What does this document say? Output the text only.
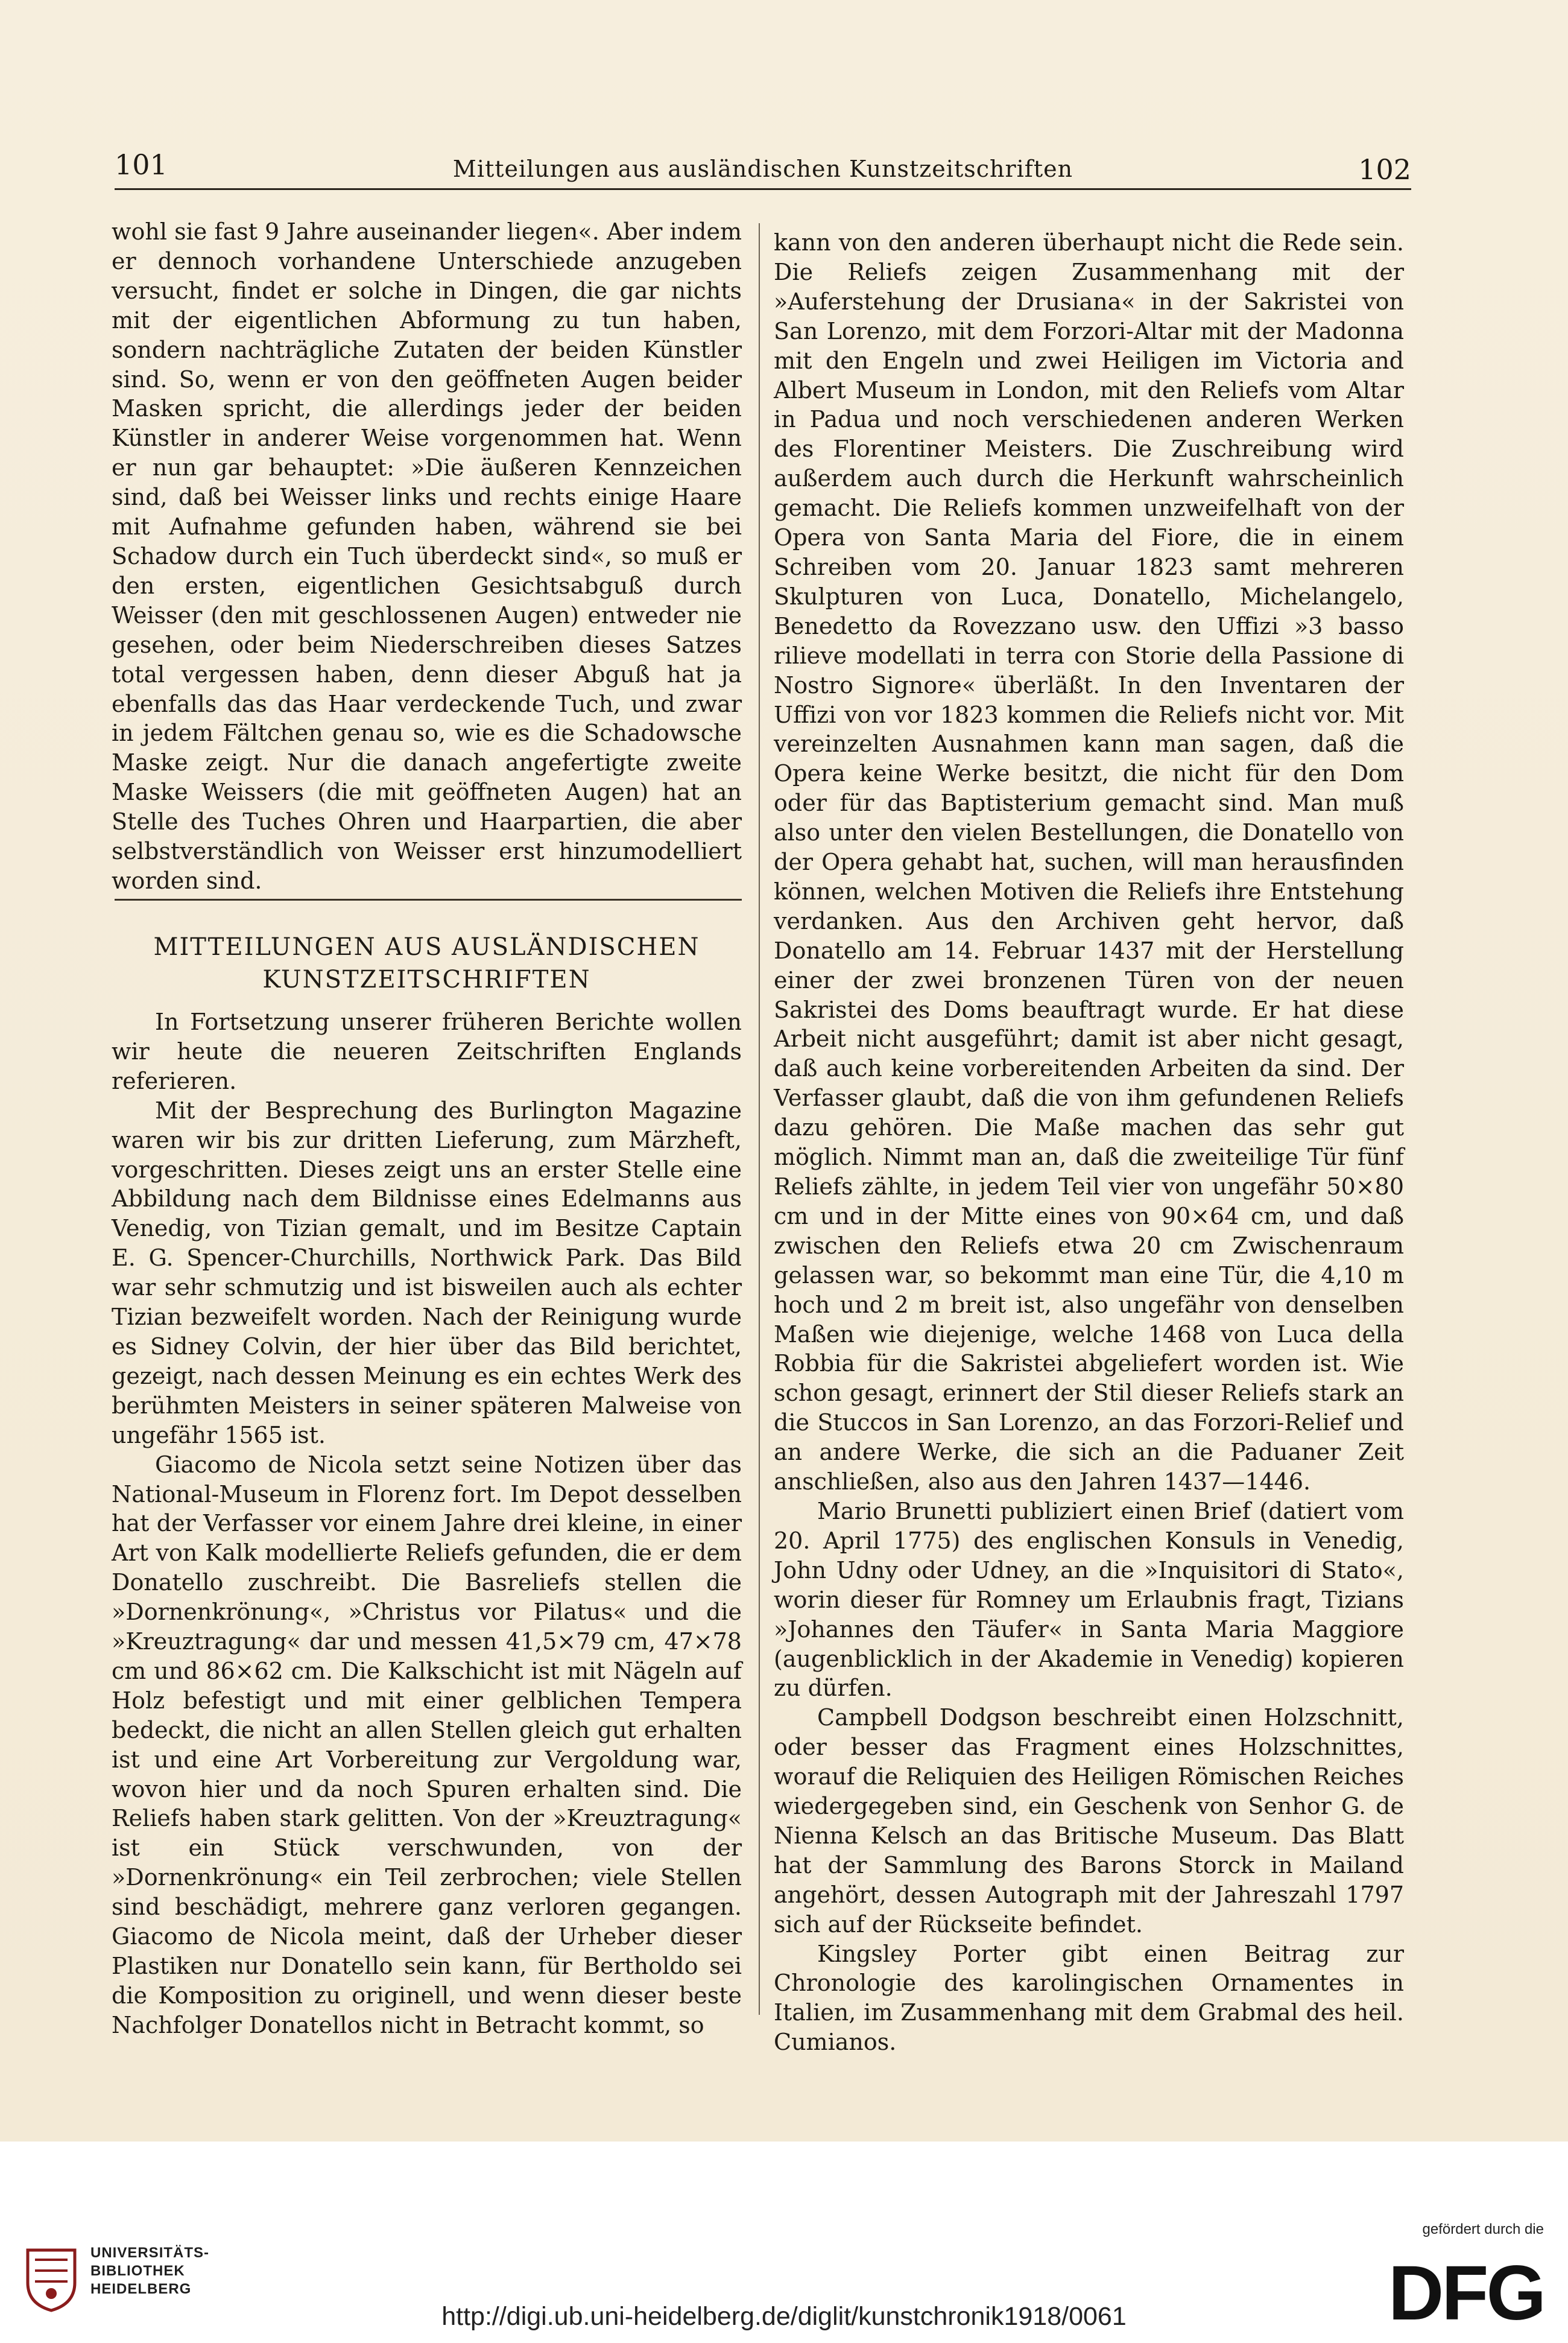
101	Mitteilungen aus ausländischen Kunstzeitschriften	102

wohl sie fast 9 Jahre auseinander liegen«. Aber indem er dennoch vorhandene Unterschiede anzugeben versucht, findet er solche in Dingen, die gar nichts mit der eigentlichen Abformung zu tun haben, sondern nachträgliche Zutaten der beiden Künstler sind. So, wenn er von den geöffneten Augen beider Masken spricht, die allerdings jeder der beiden Künstler in anderer Weise vorgenommen hat. Wenn er nun gar behauptet: »Die äußeren Kennzeichen sind, daß bei Weisser links und rechts einige Haare mit Aufnahme gefunden haben, während sie bei Schadow durch ein Tuch überdeckt sind«, so muß er den ersten, eigentlichen Gesichtsabguß durch Weisser (den mit geschlossenen Augen) entweder nie gesehen, oder beim Niederschreiben dieses Satzes total vergessen haben, denn dieser Abguß hat ja ebenfalls das das Haar verdeckende Tuch, und zwar in jedem Fältchen genau so, wie es die Schadowsche Maske zeigt. Nur die danach angefertigte zweite Maske Weissers (die mit geöffneten Augen) hat an Stelle des Tuches Ohren und Haarpartien, die aber selbstverständlich von Weisser erst hinzumodelliert worden sind.

MITTEILUNGEN AUS AUSLÄNDISCHEN KUNSTZEITSCHRIFTEN

In Fortsetzung unserer früheren Berichte wollen wir heute die neueren Zeitschriften Englands referieren.

Mit der Besprechung des Burlington Magazine waren wir bis zur dritten Lieferung, zum Märzheft, vorgeschritten. Dieses zeigt uns an erster Stelle eine Abbildung nach dem Bildnisse eines Edelmanns aus Venedig, von Tizian gemalt, und im Besitze Captain E. G. Spencer-Churchills, Northwick Park. Das Bild war sehr schmutzig und ist bisweilen auch als echter Tizian bezweifelt worden. Nach der Reinigung wurde es Sidney Colvin, der hier über das Bild berichtet, gezeigt, nach dessen Meinung es ein echtes Werk des berühmten Meisters in seiner späteren Malweise von ungefähr 1565 ist.

Giacomo de Nicola setzt seine Notizen über das National-Museum in Florenz fort. Im Depot desselben hat der Verfasser vor einem Jahre drei kleine, in einer Art von Kalk modellierte Reliefs gefunden, die er dem Donatello zuschreibt. Die Basreliefs stellen die »Dornenkrönung«, »Christus vor Pilatus« und die »Kreuztragung« dar und messen 41,5×79 cm, 47×78 cm und 86×62 cm. Die Kalkschicht ist mit Nägeln auf Holz befestigt und mit einer gelblichen Tempera bedeckt, die nicht an allen Stellen gleich gut erhalten ist und eine Art Vorbereitung zur Vergoldung war, wovon hier und da noch Spuren erhalten sind. Die Reliefs haben stark gelitten. Von der »Kreuztragung« ist ein Stück verschwunden, von der »Dornenkrönung« ein Teil zerbrochen; viele Stellen sind beschädigt, mehrere ganz verloren gegangen. Giacomo de Nicola meint, daß der Urheber dieser Plastiken nur Donatello sein kann, für Bertholdo sei die Komposition zu originell, und wenn dieser beste Nachfolger Donatellos nicht in Betracht kommt, so

kann von den anderen überhaupt nicht die Rede sein. Die Reliefs zeigen Zusammenhang mit der »Auferstehung der Drusiana« in der Sakristei von San Lorenzo, mit dem Forzori-Altar mit der Madonna mit den Engeln und zwei Heiligen im Victoria and Albert Museum in London, mit den Reliefs vom Altar in Padua und noch verschiedenen anderen Werken des Florentiner Meisters. Die Zuschreibung wird außerdem auch durch die Herkunft wahrscheinlich gemacht. Die Reliefs kommen unzweifelhaft von der Opera von Santa Maria del Fiore, die in einem Schreiben vom 20. Januar 1823 samt mehreren Skulpturen von Luca, Donatello, Michelangelo, Benedetto da Rovezzano usw. den Uffizi »3 basso rilieve modellati in terra con Storie della Passione di Nostro Signore« überläßt. In den Inventaren der Uffizi von vor 1823 kommen die Reliefs nicht vor. Mit vereinzelten Ausnahmen kann man sagen, daß die Opera keine Werke besitzt, die nicht für den Dom oder für das Baptisterium gemacht sind. Man muß also unter den vielen Bestellungen, die Donatello von der Opera gehabt hat, suchen, will man herausfinden können, welchen Motiven die Reliefs ihre Entstehung verdanken. Aus den Archiven geht hervor, daß Donatello am 14. Februar 1437 mit der Herstellung einer der zwei bronzenen Türen von der neuen Sakristei des Doms beauftragt wurde. Er hat diese Arbeit nicht ausgeführt; damit ist aber nicht gesagt, daß auch keine vorbereitenden Arbeiten da sind. Der Verfasser glaubt, daß die von ihm gefundenen Reliefs dazu gehören. Die Maße machen das sehr gut möglich. Nimmt man an, daß die zweiteilige Tür fünf Reliefs zählte, in jedem Teil vier von ungefähr 50×80 cm und in der Mitte eines von 90×64 cm, und daß zwischen den Reliefs etwa 20 cm Zwischenraum gelassen war, so bekommt man eine Tür, die 4,10 m hoch und 2 m breit ist, also ungefähr von denselben Maßen wie diejenige, welche 1468 von Luca della Robbia für die Sakristei abgeliefert worden ist. Wie schon gesagt, erinnert der Stil dieser Reliefs stark an die Stuccos in San Lorenzo, an das Forzori-Relief und an andere Werke, die sich an die Paduaner Zeit anschließen, also aus den Jahren 1437—1446.

Mario Brunetti publiziert einen Brief (datiert vom 20. April 1775) des englischen Konsuls in Venedig, John Udny oder Udney, an die »Inquisitori di Stato«, worin dieser für Romney um Erlaubnis fragt, Tizians »Johannes den Täufer« in Santa Maria Maggiore (augenblicklich in der Akademie in Venedig) kopieren zu dürfen.

Campbell Dodgson beschreibt einen Holzschnitt, oder besser das Fragment eines Holzschnittes, worauf die Reliquien des Heiligen Römischen Reiches wiedergegeben sind, ein Geschenk von Senhor G. de Nienna Kelsch an das Britische Museum. Das Blatt hat der Sammlung des Barons Storck in Mailand angehört, dessen Autograph mit der Jahreszahl 1797 sich auf der Rückseite befindet.

Kingsley Porter gibt einen Beitrag zur Chronologie des karolingischen Ornamentes in Italien, im Zusammenhang mit dem Grabmal des heil. Cumianos.

UNIVERSITÄTS-
BIBLIOTHEK
HEIDELBERG
http://digi.ub.uni-heidelberg.de/diglit/kunstchronik1918/0061
gefördert durch die
DFG
